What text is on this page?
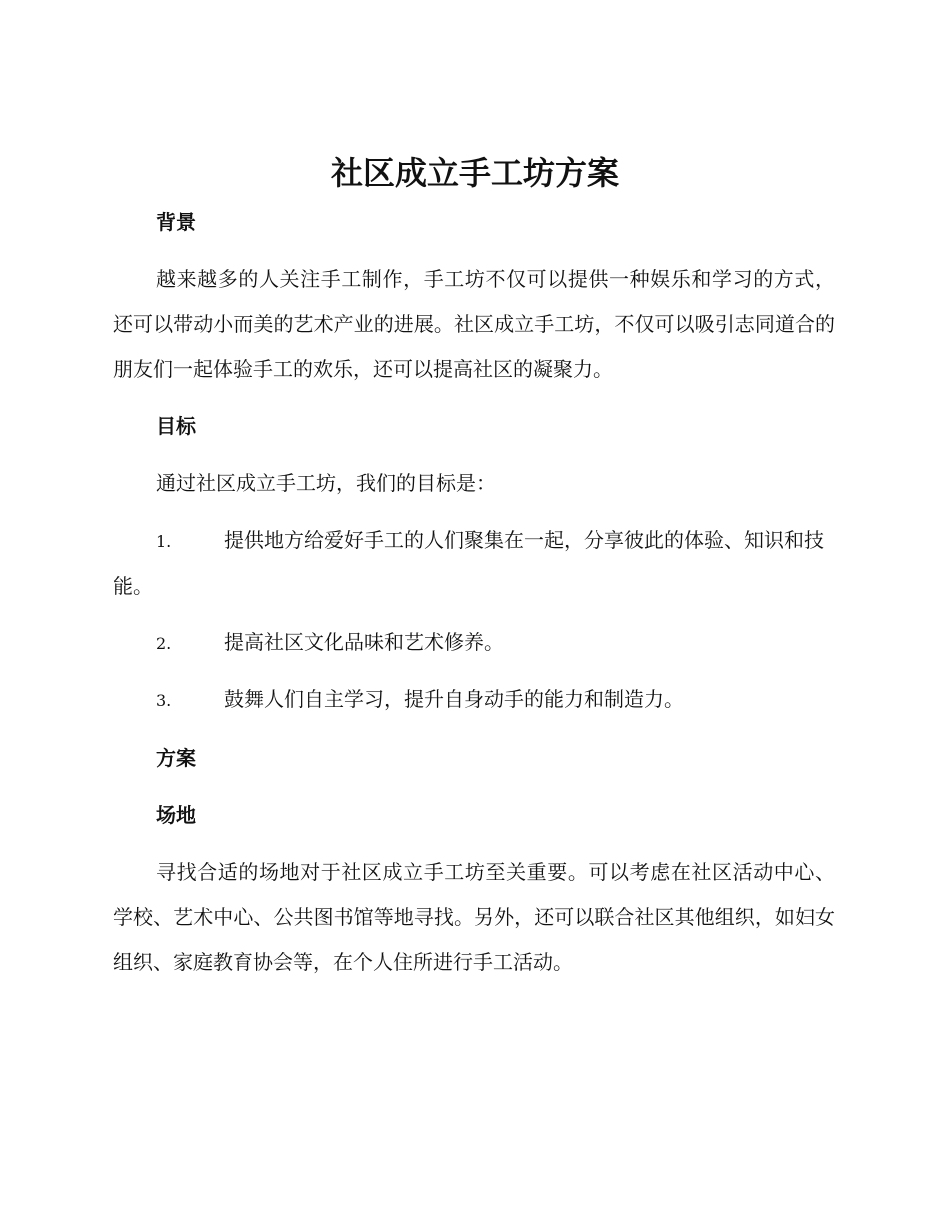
社区成立手工坊方案
背景

越来越多的人关注手工制作，手工坊不仅可以提供一种娱乐和学习的方式，还可以带动小而美的艺术产业的进展。社区成立手工坊，不仅可以吸引志同道合的朋友们一起体验手工的欢乐，还可以提高社区的凝聚力。

目标

通过社区成立手工坊，我们的目标是：

1.	提供地方给爱好手工的人们聚集在一起，分享彼此的体验、知识和技能。

2.	提高社区文化品味和艺术修养。

3.	鼓舞人们自主学习，提升自身动手的能力和制造力。

方案
场地

寻找合适的场地对于社区成立手工坊至关重要。可以考虑在社区活动中心、学校、艺术中心、公共图书馆等地寻找。另外，还可以联合社区其他组织，如妇女组织、家庭教育协会等，在个人住所进行手工活动。
